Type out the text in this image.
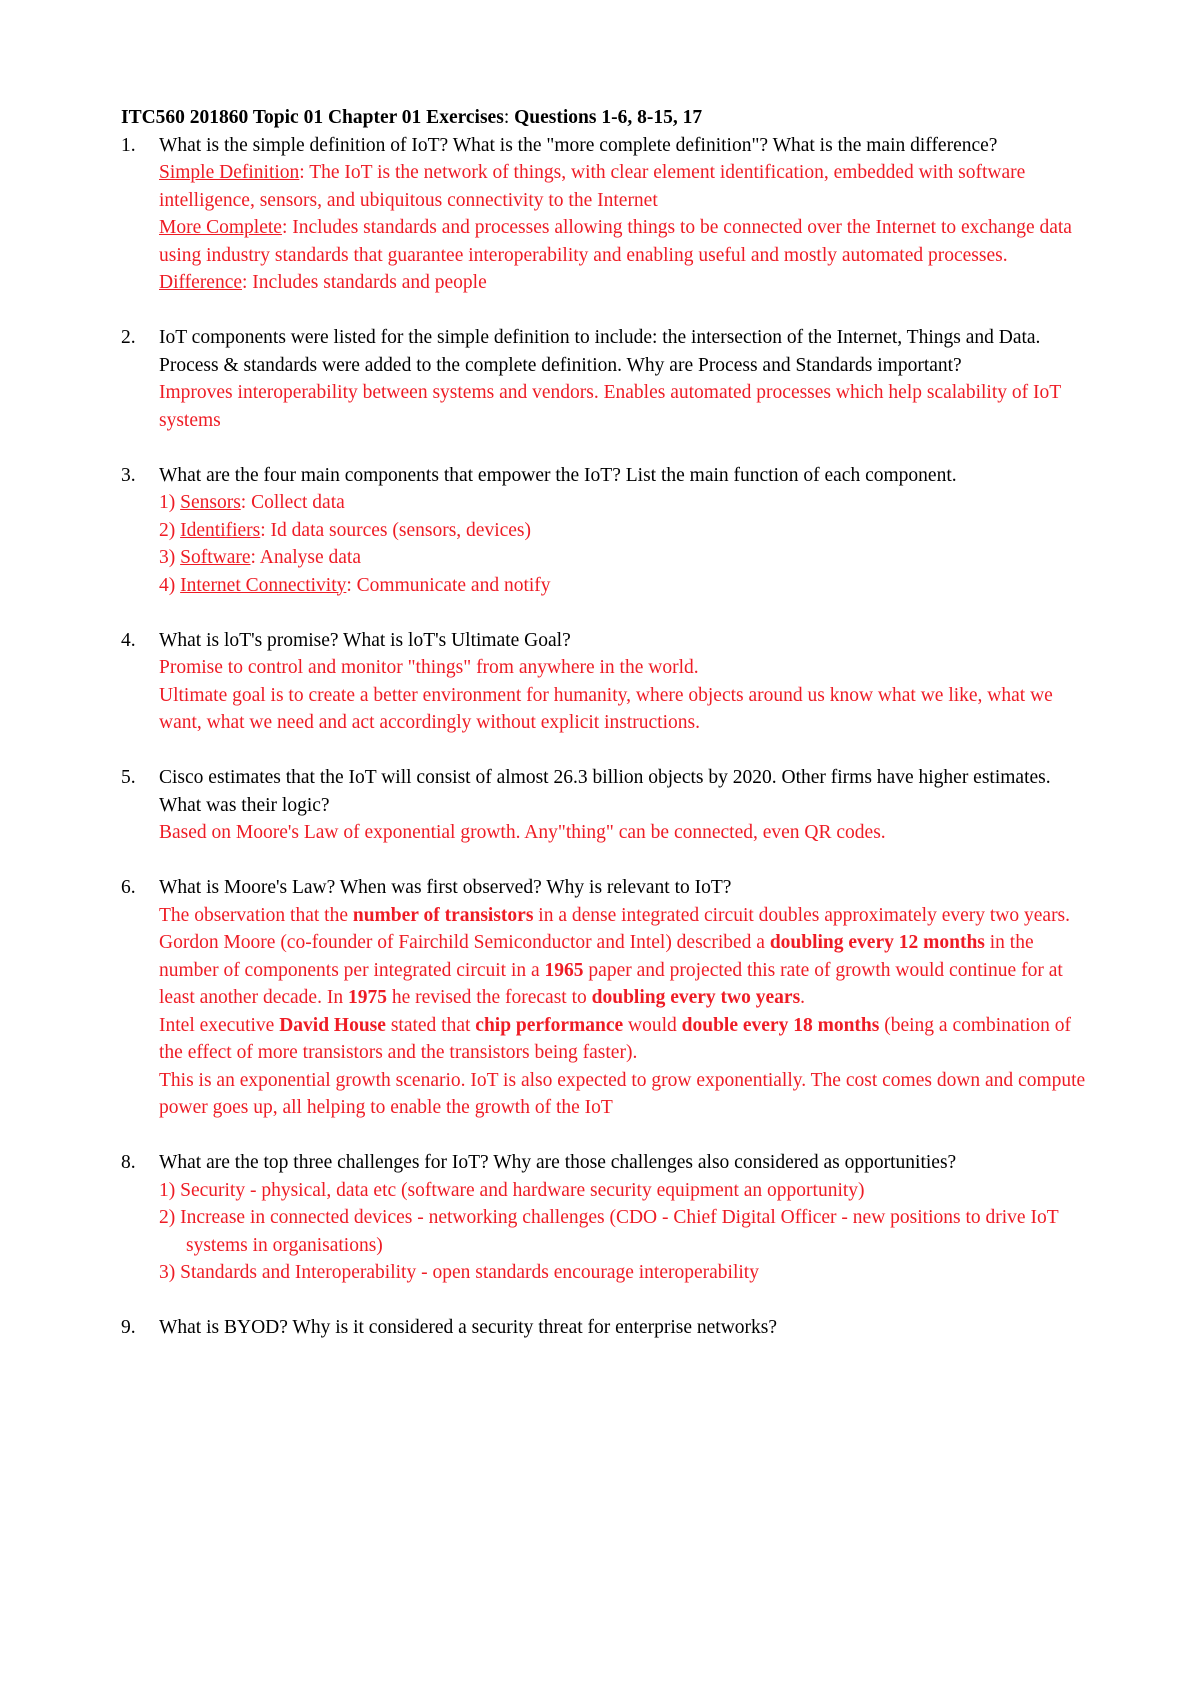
ITC560 201860 Topic 01 Chapter 01 Exercises: Questions 1-6, 8-15, 17
1. What is the simple definition of IoT? What is the "more complete definition"? What is the main difference?
Simple Definition: The IoT is the network of things, with clear element identification, embedded with software intelligence, sensors, and ubiquitous connectivity to the Internet
More Complete: Includes standards and processes allowing things to be connected over the Internet to exchange data using industry standards that guarantee interoperability and enabling useful and mostly automated processes.
Difference: Includes standards and people
2. IoT components were listed for the simple definition to include: the intersection of the Internet, Things and Data. Process & standards were added to the complete definition. Why are Process and Standards important?
Improves interoperability between systems and vendors. Enables automated processes which help scalability of IoT systems
3. What are the four main components that empower the IoT? List the main function of each component.
1) Sensors: Collect data
2) Identifiers: Id data sources (sensors, devices)
3) Software: Analyse data
4) Internet Connectivity: Communicate and notify
4. What is loT's promise? What is loT's Ultimate Goal?
Promise to control and monitor "things" from anywhere in the world.
Ultimate goal is to create a better environment for humanity, where objects around us know what we like, what we want, what we need and act accordingly without explicit instructions.
5. Cisco estimates that the IoT will consist of almost 26.3 billion objects by 2020. Other firms have higher estimates. What was their logic?
Based on Moore's Law of exponential growth. Any"thing" can be connected, even QR codes.
6. What is Moore's Law? When was first observed? Why is relevant to IoT?
The observation that the number of transistors in a dense integrated circuit doubles approximately every two years. Gordon Moore (co-founder of Fairchild Semiconductor and Intel) described a doubling every 12 months in the number of components per integrated circuit in a 1965 paper and projected this rate of growth would continue for at least another decade. In 1975 he revised the forecast to doubling every two years.
Intel executive David House stated that chip performance would double every 18 months (being a combination of the effect of more transistors and the transistors being faster).
This is an exponential growth scenario. IoT is also expected to grow exponentially. The cost comes down and compute power goes up, all helping to enable the growth of the IoT
8. What are the top three challenges for IoT? Why are those challenges also considered as opportunities?
1) Security - physical, data etc (software and hardware security equipment an opportunity)
2) Increase in connected devices - networking challenges (CDO - Chief Digital Officer - new positions to drive IoT systems in organisations)
3) Standards and Interoperability - open standards encourage interoperability
9. What is BYOD? Why is it considered a security threat for enterprise networks?
